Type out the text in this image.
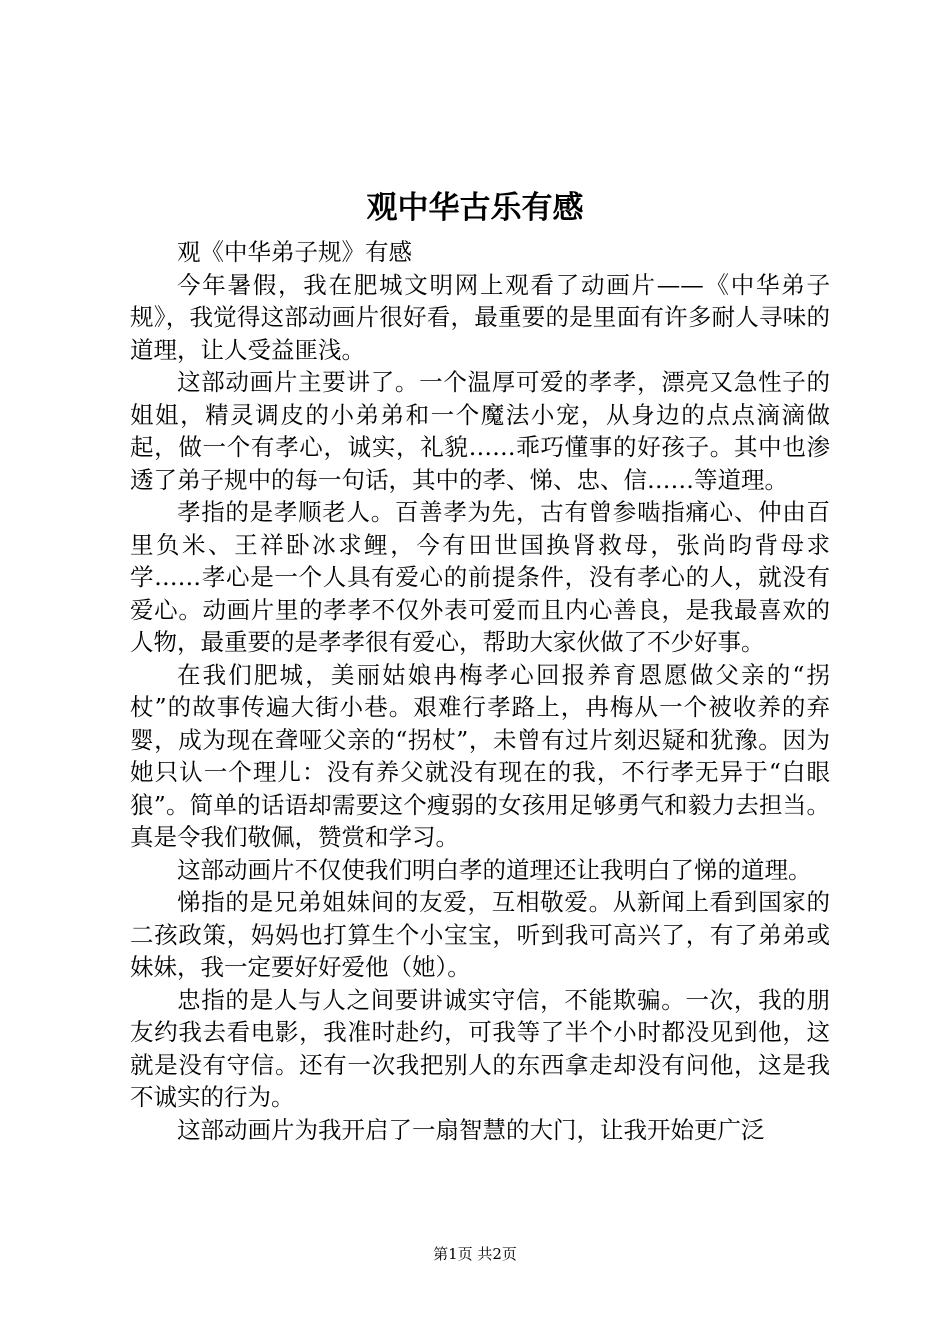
观中华古乐有感

观《中华弟子规》有感

今年暑假，我在肥城文明网上观看了动画片——《中华弟子规》，我觉得这部动画片很好看，最重要的是里面有许多耐人寻味的道理，让人受益匪浅。

这部动画片主要讲了。一个温厚可爱的孝孝，漂亮又急性子的姐姐，精灵调皮的小弟弟和一个魔法小宠，从身边的点点滴滴做起，做一个有孝心，诚实，礼貌……乖巧懂事的好孩子。其中也渗透了弟子规中的每一句话，其中的孝、悌、忠、信……等道理。

孝指的是孝顺老人。百善孝为先，古有曾参啮指痛心、仲由百里负米、王祥卧冰求鲤，今有田世国换肾救母，张尚昀背母求学……孝心是一个人具有爱心的前提条件，没有孝心的人，就没有爱心。动画片里的孝孝不仅外表可爱而且内心善良，是我最喜欢的人物，最重要的是孝孝很有爱心，帮助大家伙做了不少好事。

在我们肥城，美丽姑娘冉梅孝心回报养育恩愿做父亲的“拐杖”的故事传遍大街小巷。艰难行孝路上，冉梅从一个被收养的弃婴，成为现在聋哑父亲的“拐杖”，未曾有过片刻迟疑和犹豫。因为她只认一个理儿：没有养父就没有现在的我，不行孝无异于“白眼狼”。简单的话语却需要这个瘦弱的女孩用足够勇气和毅力去担当。真是令我们敬佩，赞赏和学习。

这部动画片不仅使我们明白孝的道理还让我明白了悌的道理。

悌指的是兄弟姐妹间的友爱，互相敬爱。从新闻上看到国家的二孩政策，妈妈也打算生个小宝宝，听到我可高兴了，有了弟弟或妹妹，我一定要好好爱他（她）。

忠指的是人与人之间要讲诚实守信，不能欺骗。一次，我的朋友约我去看电影，我准时赴约，可我等了半个小时都没见到他，这就是没有守信。还有一次我把别人的东西拿走却没有问他，这是我不诚实的行为。

这部动画片为我开启了一扇智慧的大门，让我开始更广泛

第1页 共2页
